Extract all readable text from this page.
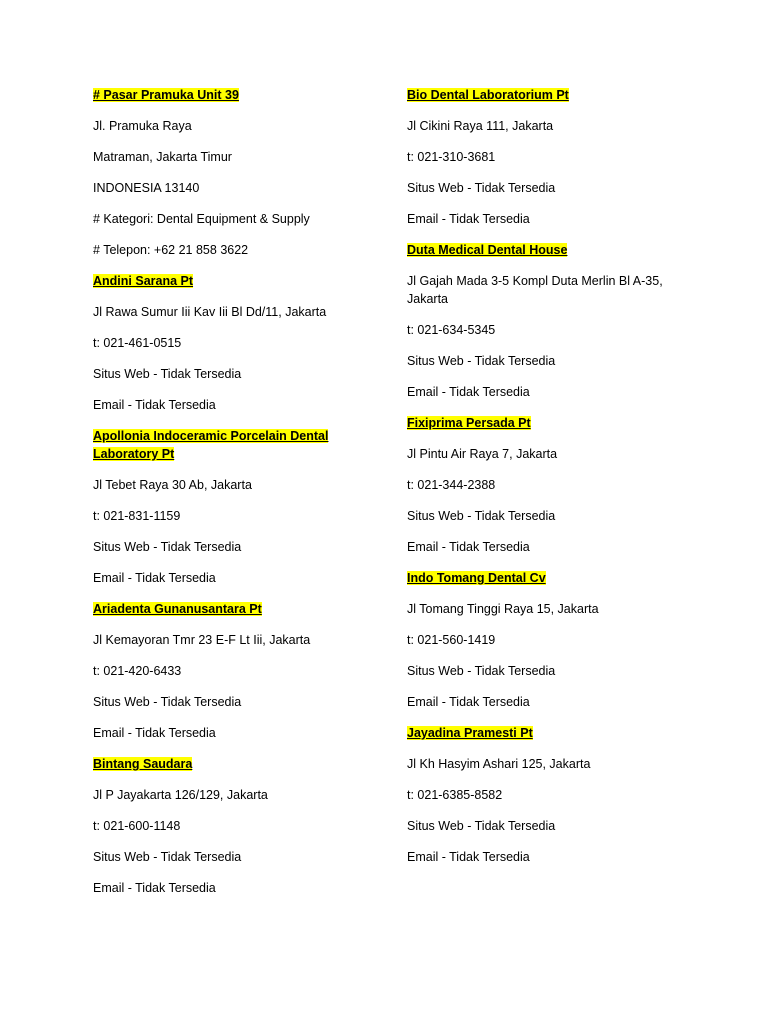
# Pasar Pramuka Unit 39
Jl. Pramuka Raya
Matraman, Jakarta Timur
INDONESIA 13140
# Kategori: Dental Equipment & Supply
# Telepon: +62 21 858 3622
Andini Sarana Pt
Jl Rawa Sumur Iii Kav Iii Bl Dd/11, Jakarta
t: 021-461-0515
Situs Web - Tidak Tersedia
Email - Tidak Tersedia
Apollonia Indoceramic Porcelain Dental Laboratory Pt
Jl Tebet Raya 30 Ab, Jakarta
t: 021-831-1159
Situs Web - Tidak Tersedia
Email - Tidak Tersedia
Ariadenta Gunanusantara Pt
Jl Kemayoran Tmr 23 E-F Lt Iii, Jakarta
t: 021-420-6433
Situs Web - Tidak Tersedia
Email - Tidak Tersedia
Bintang Saudara
Jl P Jayakarta 126/129, Jakarta
t: 021-600-1148
Situs Web - Tidak Tersedia
Email - Tidak Tersedia
Bio Dental Laboratorium Pt
Jl Cikini Raya 111, Jakarta
t: 021-310-3681
Situs Web - Tidak Tersedia
Email - Tidak Tersedia
Duta Medical Dental House
Jl Gajah Mada 3-5 Kompl Duta Merlin Bl A-35, Jakarta
t: 021-634-5345
Situs Web - Tidak Tersedia
Email - Tidak Tersedia
Fixiprima Persada Pt
Jl Pintu Air Raya 7, Jakarta
t: 021-344-2388
Situs Web - Tidak Tersedia
Email - Tidak Tersedia
Indo Tomang Dental Cv
Jl Tomang Tinggi Raya 15, Jakarta
t: 021-560-1419
Situs Web - Tidak Tersedia
Email - Tidak Tersedia
Jayadina Pramesti Pt
Jl Kh Hasyim Ashari 125, Jakarta
t: 021-6385-8582
Situs Web - Tidak Tersedia
Email - Tidak Tersedia
